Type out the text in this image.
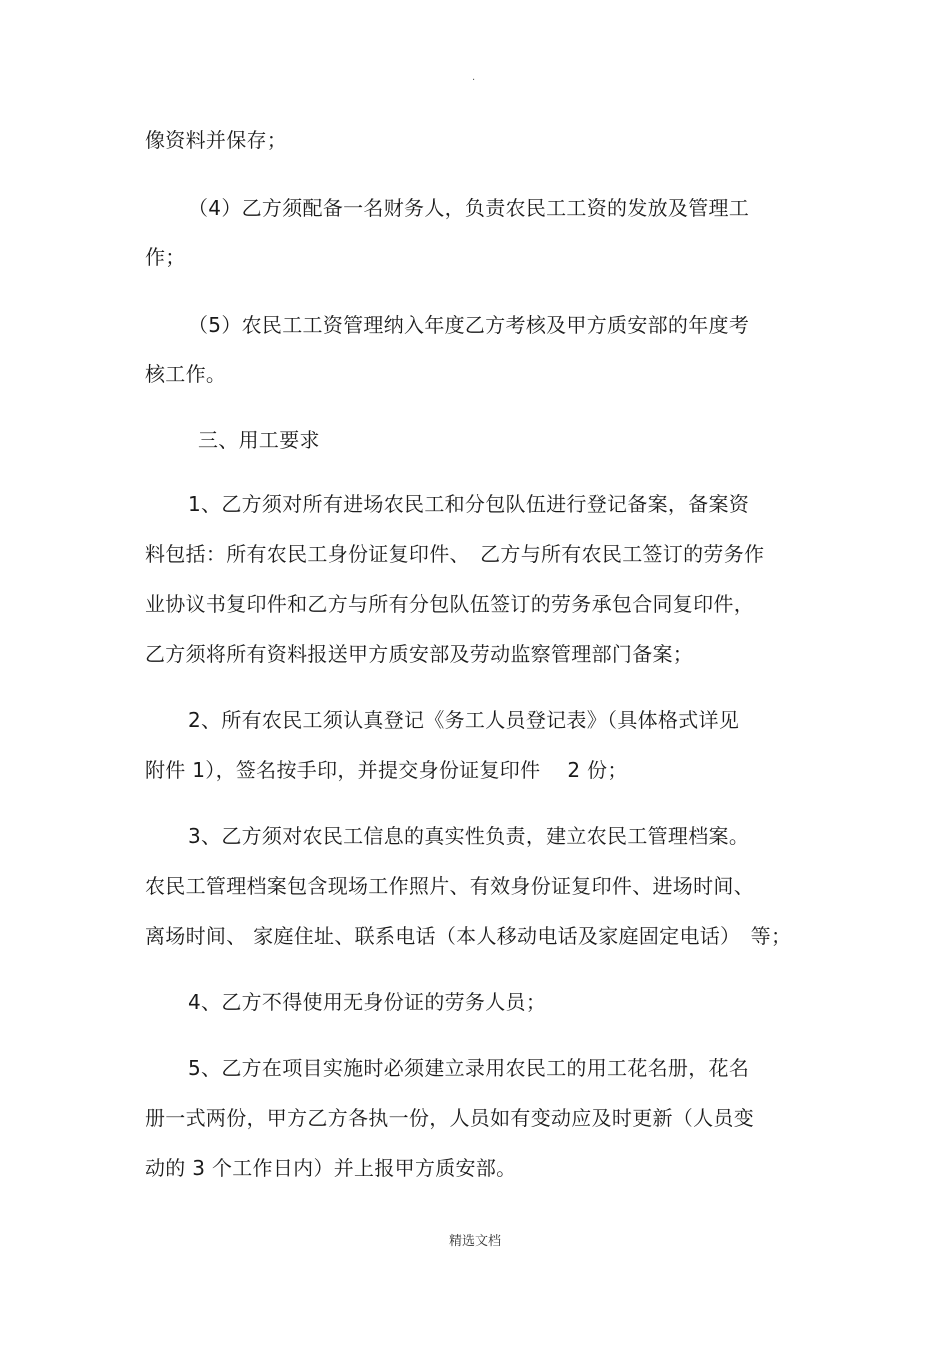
.
像资料并保存；
（4）乙方须配备一名财务人，负责农民工工资的发放及管理工
作；
（5）农民工工资管理纳入年度乙方考核及甲方质安部的年度考
核工作。
三、用工要求
1、乙方须对所有进场农民工和分包队伍进行登记备案，备案资
料包括：所有农民工身份证复印件、　乙方与所有农民工签订的劳务作
业协议书复印件和乙方与所有分包队伍签订的劳务承包合同复印件，
乙方须将所有资料报送甲方质安部及劳动监察管理部门备案；
2、所有农民工须认真登记《务工人员登记表》（具体格式详见
附件 1），签名按手印，并提交身份证复印件　 2 份；
3、乙方须对农民工信息的真实性负责，建立农民工管理档案。
农民工管理档案包含现场工作照片、有效身份证复印件、进场时间、
离场时间、 家庭住址、联系电话（本人移动电话及家庭固定电话）　等；
4、乙方不得使用无身份证的劳务人员；
5、乙方在项目实施时必须建立录用农民工的用工花名册，花名
册一式两份，甲方乙方各执一份，人员如有变动应及时更新（人员变
动的 3 个工作日内）并上报甲方质安部。
精选文档
